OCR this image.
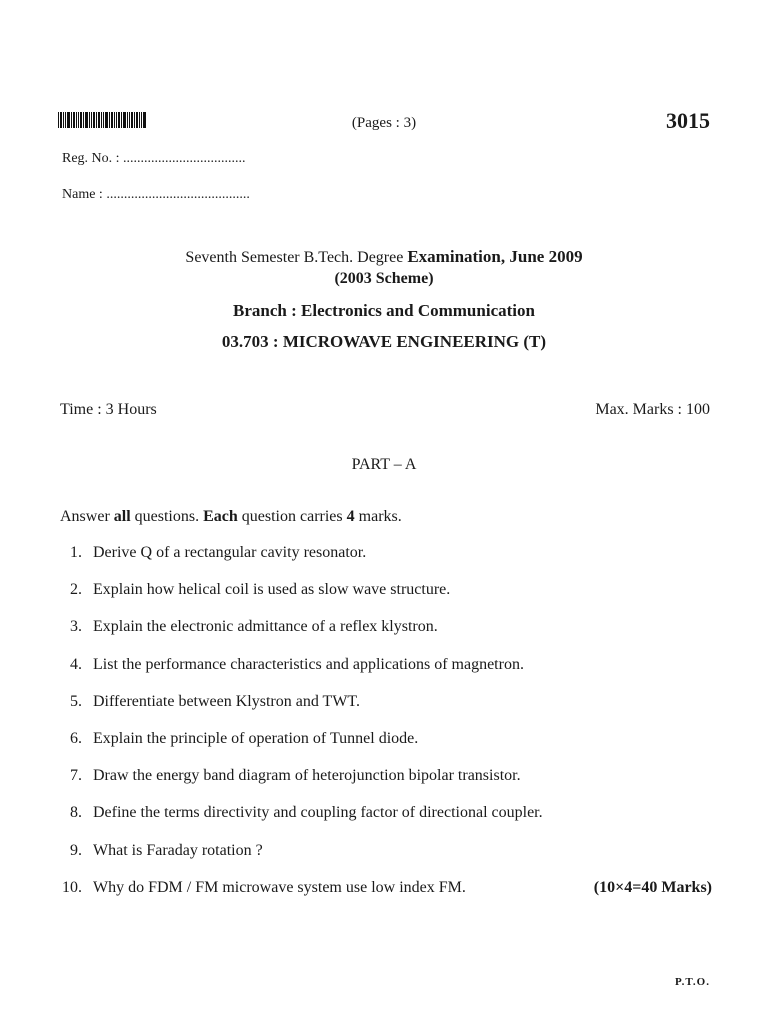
(Pages : 3)	3015
Reg. No. : ...................................
Name : .........................................
Seventh Semester B.Tech. Degree Examination, June 2009
(2003 Scheme)
Branch : Electronics and Communication
03.703 : MICROWAVE ENGINEERING (T)
Time : 3 Hours	Max. Marks : 100
PART – A
Answer all questions. Each question carries 4 marks.
1. Derive Q of a rectangular cavity resonator.
2. Explain how helical coil is used as slow wave structure.
3. Explain the electronic admittance of a reflex klystron.
4. List the performance characteristics and applications of magnetron.
5. Differentiate between Klystron and TWT.
6. Explain the principle of operation of Tunnel diode.
7. Draw the energy band diagram of heterojunction bipolar transistor.
8. Define the terms directivity and coupling factor of directional coupler.
9. What is Faraday rotation ?
10. Why do FDM / FM microwave system use low index FM.	(10×4=40 Marks)
P.T.O.
